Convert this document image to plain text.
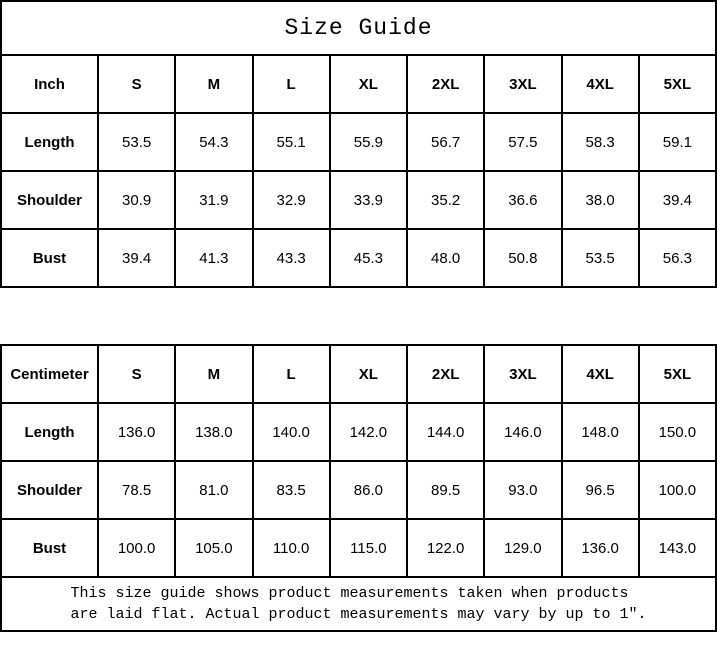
Size Guide								
Inch	S	M	L	XL	2XL	3XL	4XL	5XL
Length	53.5	54.3	55.1	55.9	56.7	57.5	58.3	59.1
Shoulder	30.9	31.9	32.9	33.9	35.2	36.6	38.0	39.4
Bust	39.4	41.3	43.3	45.3	48.0	50.8	53.5	56.3
Centimeter	S	M	L	XL	2XL	3XL	4XL	5XL
Length	136.0	138.0	140.0	142.0	144.0	146.0	148.0	150.0
Shoulder	78.5	81.0	83.5	86.0	89.5	93.0	96.5	100.0
Bust	100.0	105.0	110.0	115.0	122.0	129.0	136.0	143.0

This size guide shows product measurements taken when products
are laid flat. Actual product measurements may vary by up to 1″.								
